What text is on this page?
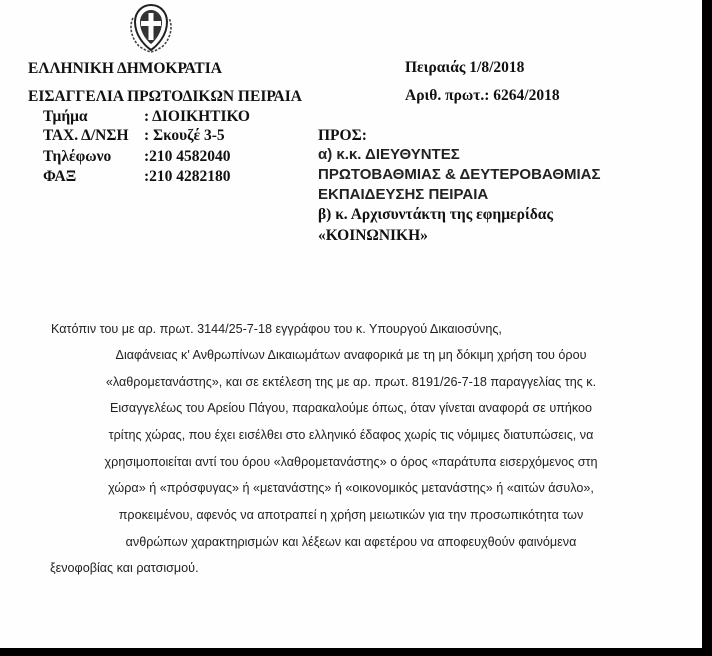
ΕΛΛΗΝΙΚΗ ΔΗΜΟΚΡΑΤΙΑ
ΕΙΣΑΓΓΕΛΙΑ ΠΡΩΤΟΔΙΚΩΝ ΠΕΙΡΑΙΑ
Τμήμα	: ΔΙΟΙΚΗΤΙΚΟ
ΤΑΧ. Δ/ΝΣΗ : Σκουζέ 3-5
Τηλέφωνο :210 4582040
ΦΑΞ	:210 4282180
Πειραιάς 1/8/2018
Αριθ. πρωτ.: 6264/2018
ΠΡΟΣ:
α) κ.κ. ΔΙΕΥΘΥΝΤΕΣ
ΠΡΩΤΟΒΑΘΜΙΑΣ & ΔΕΥΤΕΡΟΒΑΘΜΙΑΣ
ΕΚΠΑΙΔΕΥΣΗΣ ΠΕΙΡΑΙΑ
β) κ. Αρχισυντάκτη της εφημερίδας
«ΚΟΙΝΩΝΙΚΗ»
Κατόπιν του με αρ. πρωτ. 3144/25-7-18 εγγράφου του κ. Υπουργού Δικαιοσύνης,
Διαφάνειας κ' Ανθρωπίνων Δικαιωμάτων αναφορικά με τη μη δόκιμη χρήση του όρου
«λαθρομετανάστης», και σε εκτέλεση της με αρ. πρωτ. 8191/26-7-18 παραγγελίας της κ.
Εισαγγελέως του Αρείου Πάγου, παρακαλούμε όπως, όταν γίνεται αναφορά σε υπήκοο
τρίτης χώρας, που έχει εισέλθει στο ελληνικό έδαφος χωρίς τις νόμιμες διατυπώσεις, να
χρησιμοποιείται αντί του όρου «λαθρομετανάστης» ο όρος «παράτυπα εισερχόμενος στη
χώρα» ή «πρόσφυγας» ή «μετανάστης» ή «οικονομικός μετανάστης» ή «αιτών άσυλο»,
προκειμένου, αφενός να αποτραπεί η χρήση μειωτικών για την προσωπικότητα των
ανθρώπων χαρακτηρισμών και λέξεων και αφετέρου να αποφευχθούν φαινόμενα
ξενοφοβίας και ρατσισμού.
